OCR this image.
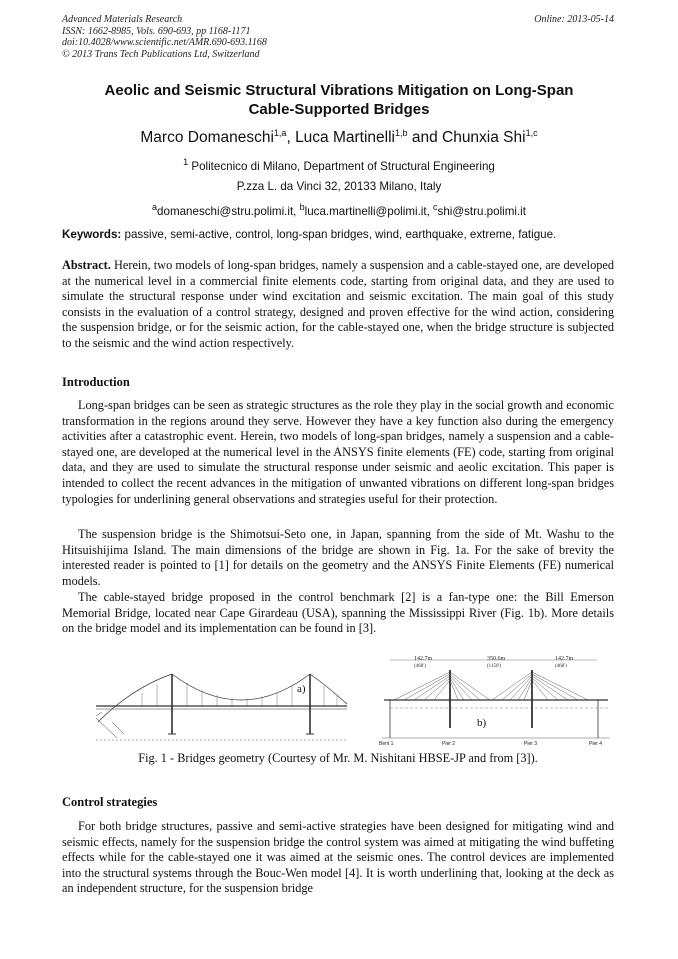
Advanced Materials Research
ISSN: 1662-8985, Vols. 690-693, pp 1168-1171
doi:10.4028/www.scientific.net/AMR.690-693.1168
© 2013 Trans Tech Publications Ltd, Switzerland
Online: 2013-05-14
Aeolic and Seismic Structural Vibrations Mitigation on Long-Span
Cable-Supported Bridges
Marco Domaneschi$^{1,a}$, Luca Martinelli$^{1,b}$ and Chunxia Shi$^{1,c}$
$^1$ Politecnico di Milano, Department of Structural Engineering
P.zza L. da Vinci 32, 20133 Milano, Italy
$^a$domaneschi@stru.polimi.it, $^b$luca.martinelli@polimi.it, $^c$shi@stru.polimi.it
Keywords: passive, semi-active, control, long-span bridges, wind, earthquake, extreme, fatigue.

Abstract. Herein, two models of long-span bridges, namely a suspension and a cable-stayed one, are developed at the numerical level in a commercial finite elements code, starting from original data, and they are used to simulate the structural response under wind excitation and seismic excitation. The main goal of this study consists in the evaluation of a control strategy, designed and proven effective for the wind action, considering the suspension bridge, or for the seismic action, for the cable-stayed one, when the bridge structure is subjected to the seismic and the wind action respectively.

Introduction

Long-span bridges can be seen as strategic structures as the role they play in the social growth and economic transformation in the regions around they serve. However they have a key function also during the emergency activities after a catastrophic event. Herein, two models of long-span bridges, namely a suspension and a cable-stayed one, are developed at the numerical level in the ANSYS finite elements (FE) code, starting from original data, and they are used to simulate the structural response under seismic and aeolic excitation. This paper is intended to collect the recent advances in the mitigation of unwanted vibrations on different long-span bridges typologies for underlining general observations and strategies useful for their protection.

The suspension bridge is the Shimotsui-Seto one, in Japan, spanning from the side of Mt. Washu to the Hitsuishijima Island. The main dimensions of the bridge are shown in Fig. 1a. For the sake of brevity the interested reader is pointed to [1] for details on the geometry and the ANSYS Finite Elements (FE) numerical models.

The cable-stayed bridge proposed in the control benchmark [2] is a fan-type one: the Bill Emerson Memorial Bridge, located near Cape Girardeau (USA), spanning the Mississippi River (Fig. 1b). More details on the bridge model and its implementation can be found in [3].

a)
142.7m
(468')
350.6m
(1150')
142.7m
(468')
b)
Bent 1	Pier 2	Pier 3	Pier 4
Fig. 1 - Bridges geometry (Courtesy of Mr. M. Nishitani HBSE-JP and from [3]).
Control strategies

For both bridge structures, passive and semi-active strategies have been designed for mitigating wind and seismic effects, namely for the suspension bridge the control system was aimed at mitigating the wind buffeting effects while for the cable-stayed one it was aimed at the seismic ones. The control devices are implemented into the structural systems through the Bouc-Wen model [4]. It is worth underlining that, looking at the deck as an independent structure, for the suspension bridge
